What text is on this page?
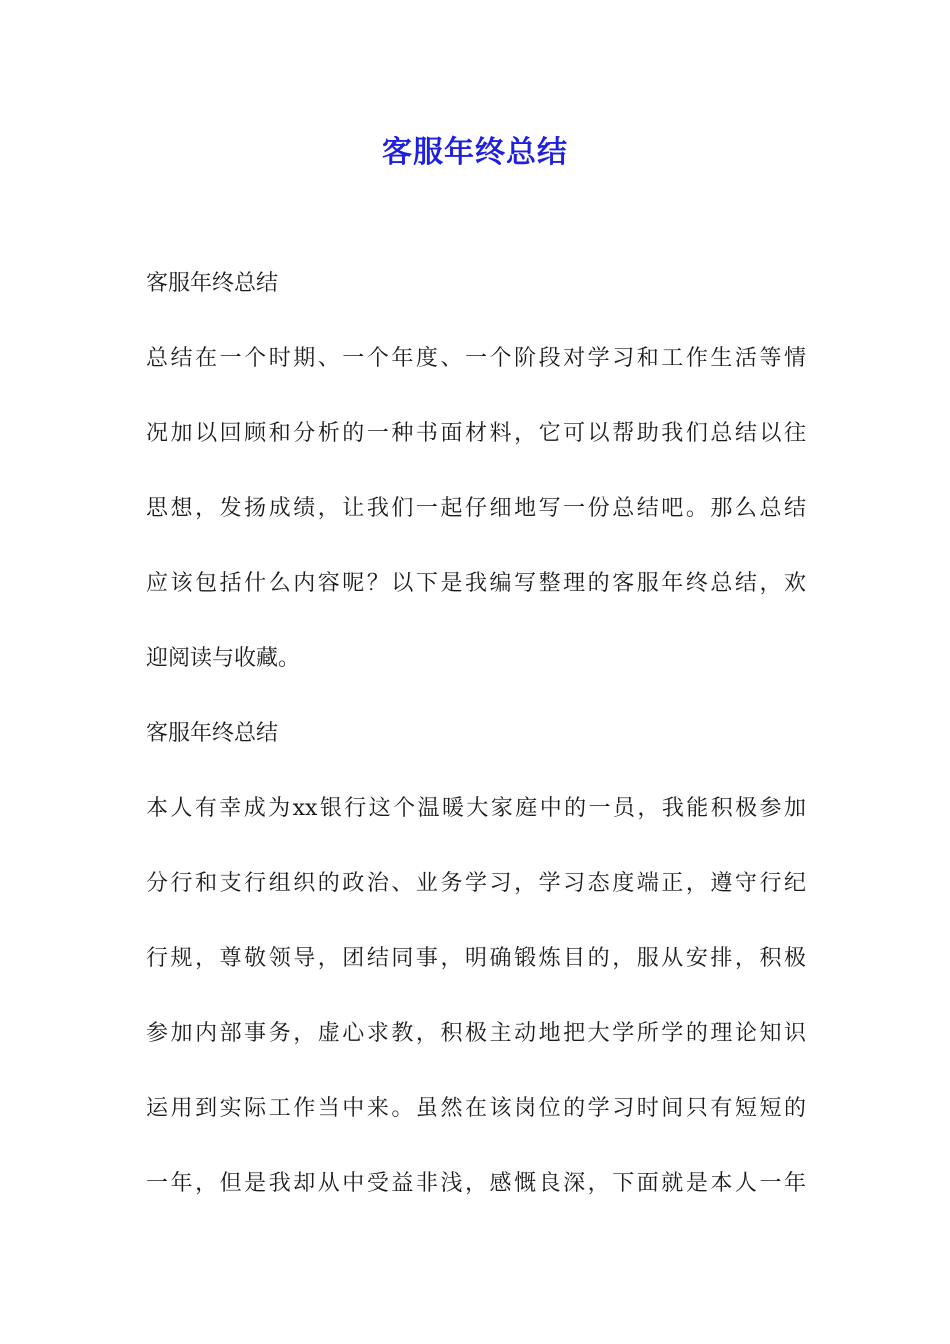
客服年终总结
客服年终总结
总结在一个时期、一个年度、一个阶段对学习和工作生活等情
况加以回顾和分析的一种书面材料，它可以帮助我们总结以往
思想，发扬成绩，让我们一起仔细地写一份总结吧。那么总结
应该包括什么内容呢？以下是我编写整理的客服年终总结，欢
迎阅读与收藏。
客服年终总结
本人有幸成为xx银行这个温暖大家庭中的一员，我能积极参加
分行和支行组织的政治、业务学习，学习态度端正，遵守行纪
行规，尊敬领导，团结同事，明确锻炼目的，服从安排，积极
参加内部事务，虚心求教，积极主动地把大学所学的理论知识
运用到实际工作当中来。虽然在该岗位的学习时间只有短短的
一年，但是我却从中受益非浅，感慨良深，下面就是本人一年
